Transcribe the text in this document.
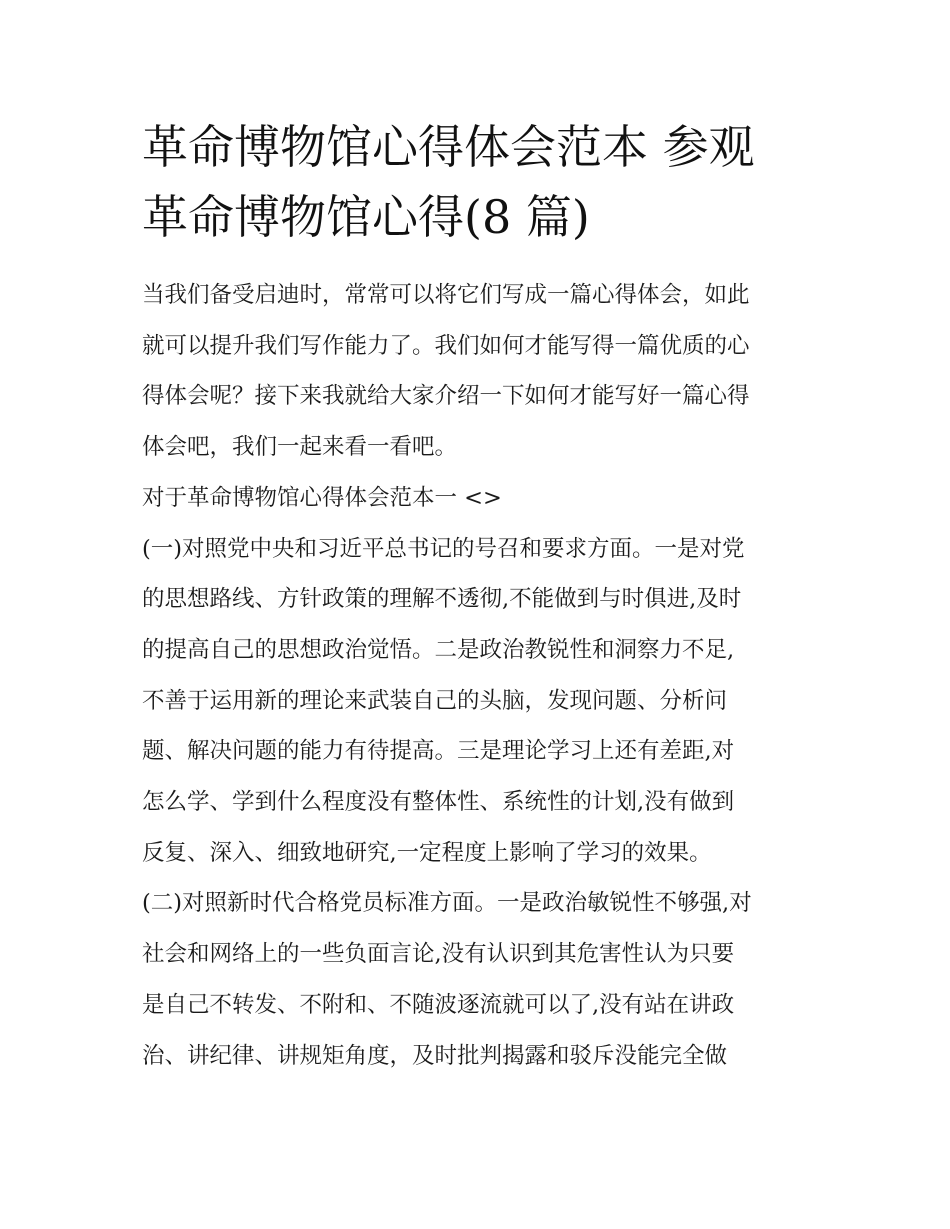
革命博物馆心得体会范本 参观
革命博物馆心得(8 篇)

当我们备受启迪时，常常可以将它们写成一篇心得体会，如此
就可以提升我们写作能力了。我们如何才能写得一篇优质的心
得体会呢？接下来我就给大家介绍一下如何才能写好一篇心得
体会吧，我们一起来看一看吧。

对于革命博物馆心得体会范本一 <>

(一)对照党中央和习近平总书记的号召和要求方面。一是对党
的思想路线、方针政策的理解不透彻,不能做到与时俱进,及时
的提高自己的思想政治觉悟。二是政治教锐性和洞察力不足,
不善于运用新的理论来武装自己的头脑，发现问题、分析问
题、解决问题的能力有待提高。三是理论学习上还有差距,对
怎么学、学到什么程度没有整体性、系统性的计划,没有做到
反复、深入、细致地研究,一定程度上影响了学习的效果。

(二)对照新时代合格党员标准方面。一是政治敏锐性不够强,对
社会和网络上的一些负面言论,没有认识到其危害性认为只要
是自己不转发、不附和、不随波逐流就可以了,没有站在讲政
治、讲纪律、讲规矩角度，及时批判揭露和驳斥没能完全做
